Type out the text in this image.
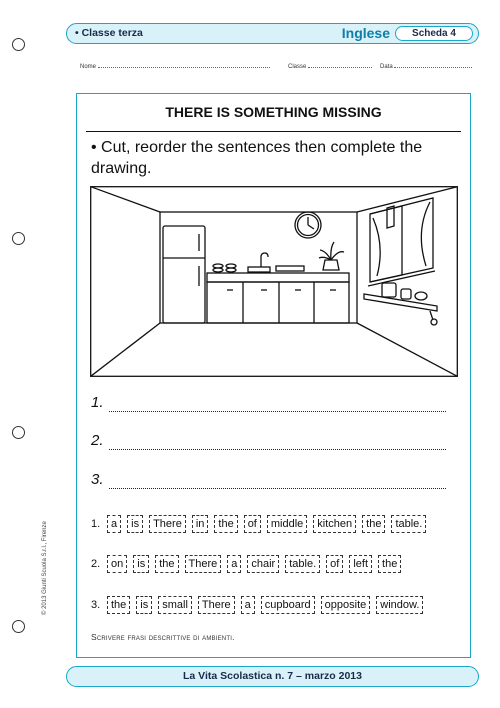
• Classe terza	Inglese	Scheda 4
Nome	Classe	Data
THERE IS SOMETHING MISSING
• Cut, reorder the sentences then complete the drawing.
1.
2.
3.
1. a	is	There	in	the	of	middle	kitchen	the	table.
2. on	is	the	There	a	chair	table.	of	left	the
3. the	is	small	There	a	cupboard	opposite	window.
Scrivere frasi descrittive di ambienti.
© 2013 Giunti Scuola S.r.l., Firenze
La Vita Scolastica n. 7 – marzo 2013
